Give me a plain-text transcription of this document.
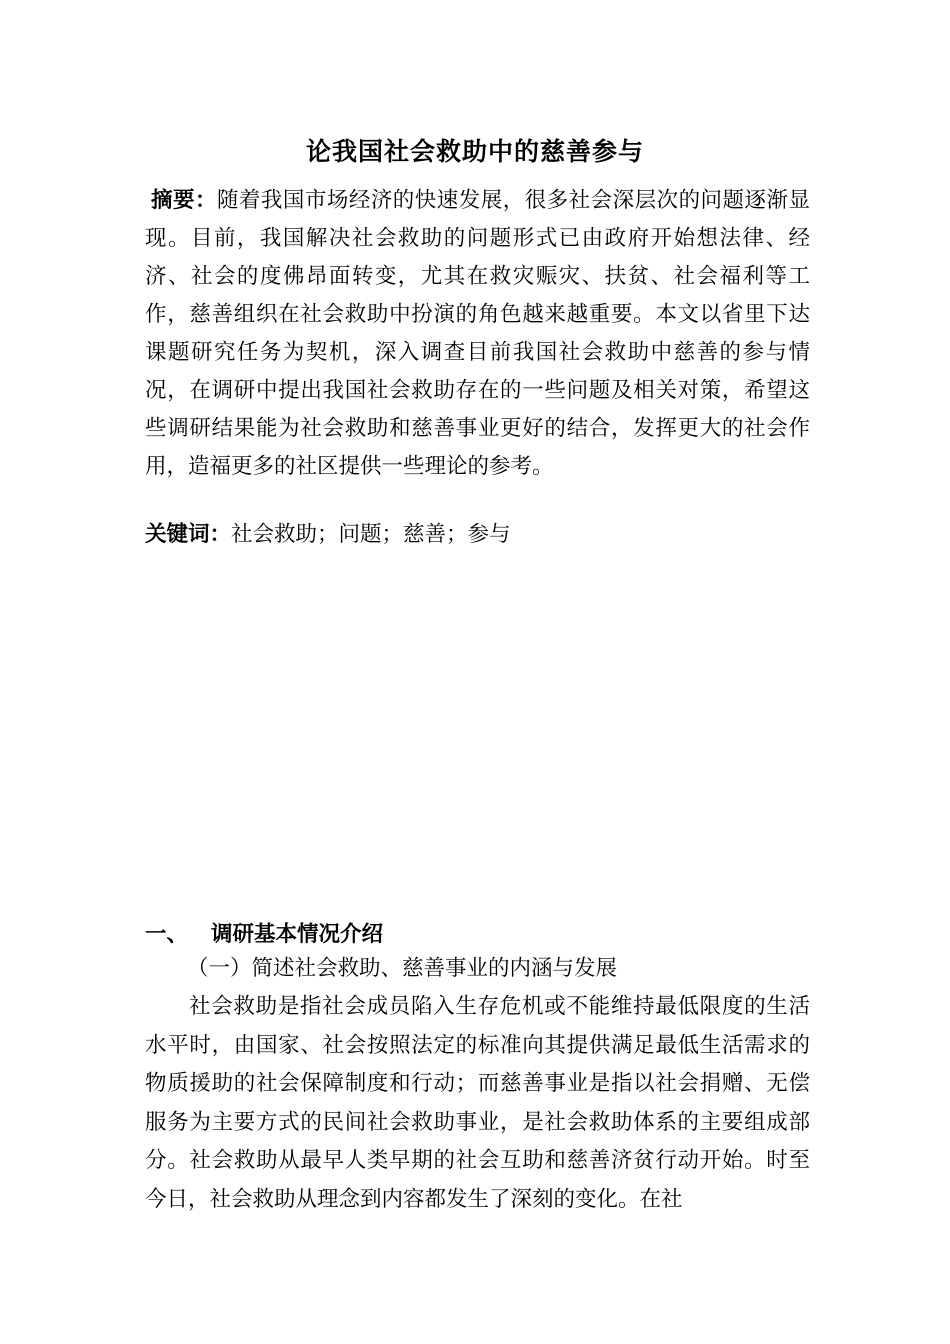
论我国社会救助中的慈善参与
摘要：随着我国市场经济的快速发展，很多社会深层次的问题逐渐显现。目前，我国解决社会救助的问题形式已由政府开始想法律、经济、社会的度佛昂面转变，尤其在救灾赈灾、扶贫、社会福利等工作，慈善组织在社会救助中扮演的角色越来越重要。本文以省里下达课题研究任务为契机，深入调查目前我国社会救助中慈善的参与情况，在调研中提出我国社会救助存在的一些问题及相关对策，希望这些调研结果能为社会救助和慈善事业更好的结合，发挥更大的社会作用，造福更多的社区提供一些理论的参考。
关键词：社会救助；问题；慈善；参与
一、 调研基本情况介绍
（一）简述社会救助、慈善事业的内涵与发展
社会救助是指社会成员陷入生存危机或不能维持最低限度的生活水平时，由国家、社会按照法定的标准向其提供满足最低生活需求的物质援助的社会保障制度和行动；而慈善事业是指以社会捐赠、无偿服务为主要方式的民间社会救助事业，是社会救助体系的主要组成部分。社会救助从最早人类早期的社会互助和慈善济贫行动开始。时至今日，社会救助从理念到内容都发生了深刻的变化。在社
